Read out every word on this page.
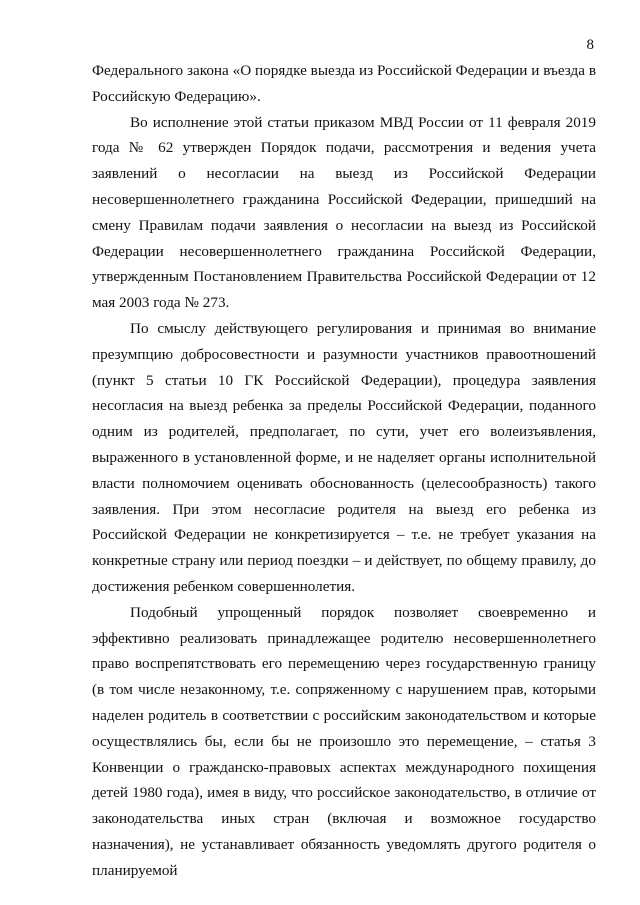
8

Федерального закона «О порядке выезда из Российской Федерации и въезда в Российскую Федерацию».

Во исполнение этой статьи приказом МВД России от 11 февраля 2019 года № 62 утвержден Порядок подачи, рассмотрения и ведения учета заявлений о несогласии на выезд из Российской Федерации несовершеннолетнего гражданина Российской Федерации, пришедший на смену Правилам подачи заявления о несогласии на выезд из Российской Федерации несовершеннолетнего гражданина Российской Федерации, утвержденным Постановлением Правительства Российской Федерации от 12 мая 2003 года № 273.

По смыслу действующего регулирования и принимая во внимание презумпцию добросовестности и разумности участников правоотношений (пункт 5 статьи 10 ГК Российской Федерации), процедура заявления несогласия на выезд ребенка за пределы Российской Федерации, поданного одним из родителей, предполагает, по сути, учет его волеизъявления, выраженного в установленной форме, и не наделяет органы исполнительной власти полномочием оценивать обоснованность (целесообразность) такого заявления. При этом несогласие родителя на выезд его ребенка из Российской Федерации не конкретизируется – т.е. не требует указания на конкретные страну или период поездки – и действует, по общему правилу, до достижения ребенком совершеннолетия.

Подобный упрощенный порядок позволяет своевременно и эффективно реализовать принадлежащее родителю несовершеннолетнего право воспрепятствовать его перемещению через государственную границу (в том числе незаконному, т.е. сопряженному с нарушением прав, которыми наделен родитель в соответствии с российским законодательством и которые осуществлялись бы, если бы не произошло это перемещение, – статья 3 Конвенции о гражданско-правовых аспектах международного похищения детей 1980 года), имея в виду, что российское законодательство, в отличие от законодательства иных стран (включая и возможное государство назначения), не устанавливает обязанность уведомлять другого родителя о планируемой
